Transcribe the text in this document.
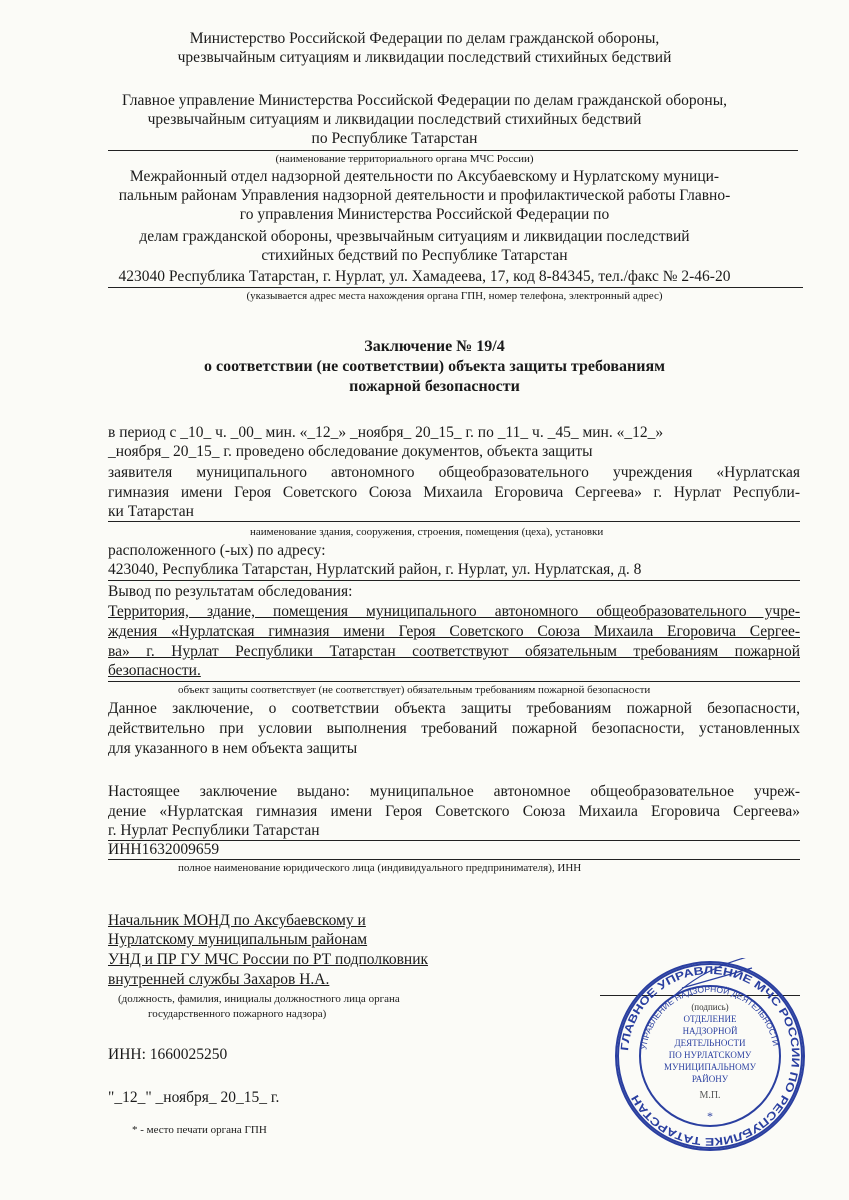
Министерство Российской Федерации по делам гражданской обороны,
чрезвычайным ситуациям и ликвидации последствий стихийных бедствий
Главное управление Министерства Российской Федерации по делам гражданской обороны,
чрезвычайным ситуациям и ликвидации последствий стихийных бедствий
по Республике Татарстан
(наименование территориального органа МЧС России)
Межрайонный отдел надзорной деятельности по Аксубаевскому и Нурлатскому муници-
пальным районам Управления надзорной деятельности и профилактической работы Главно-
го управления Министерства Российской Федерации по
делам гражданской обороны, чрезвычайным ситуациям и ликвидации последствий
стихийных бедствий по Республике Татарстан
423040 Республика Татарстан, г. Нурлат, ул. Хамадеева, 17, код 8-84345, тел./факс № 2-46-20
(указывается адрес места нахождения органа ГПН, номер телефона, электронный адрес)
Заключение № 19/4
о соответствии (не соответствии) объекта защиты требованиям
пожарной безопасности
в период с _10_ ч. _00_ мин. «_12_» _ноября_ 20_15_ г. по _11_ ч. _45_ мин. «_12_»
_ноября_ 20_15_ г. проведено обследование документов, объекта защиты
заявителя муниципального автономного общеобразовательного учреждения «Нурлатская
гимназия имени Героя Советского Союза Михаила Егоровича Сергеева» г. Нурлат Республи-
ки Татарстан
наименование здания, сооружения, строения, помещения (цеха), установки
расположенного (-ых) по адресу:
423040, Республика Татарстан, Нурлатский район, г. Нурлат, ул. Нурлатская, д. 8
Вывод по результатам обследования:
Территория, здание, помещения муниципального автономного общеобразовательного учре-
ждения «Нурлатская гимназия имени Героя Советского Союза Михаила Егоровича Сергее-
ва» г. Нурлат Республики Татарстан соответствуют обязательным требованиям пожарной
безопасности.
объект защиты соответствует (не соответствует) обязательным требованиям пожарной безопасности
Данное заключение, о соответствии объекта защиты требованиям пожарной безопасности,
действительно при условии выполнения требований пожарной безопасности, установленных
для указанного в нем объекта защиты
Настоящее заключение выдано: муниципальное автономное общеобразовательное учреж-
дение «Нурлатская гимназия имени Героя Советского Союза Михаила Егоровича Сергеева»
г. Нурлат Республики Татарстан
ИНН1632009659
полное наименование юридического лица (индивидуального предпринимателя), ИНН
Начальник МОНД по Аксубаевскому и
Нурлатскому муниципальным районам
УНД и ПР ГУ МЧС России по РТ подполковник
внутренней службы Захаров Н.А.
(должность, фамилия, инициалы должностного лица органа
государственного пожарного надзора)
ГЛАВНОЕ УПРАВЛЕНИЕ МЧС РОССИИ ПО РЕСПУБЛИКЕ ТАТАРСТАН
УПРАВЛЕНИЕ НАДЗОРНОЙ ДЕЯТЕЛЬНОСТИ
ОТДЕЛЕНИЕ
НАДЗОРНОЙ
ДЕЯТЕЛЬНОСТИ
ПО НУРЛАТСКОМУ
МУНИЦИПАЛЬНОМУ
РАЙОНУ
*
(подпись)
М.П.
ИНН: 1660025250
"_12_" _ноября_ 20_15_ г.
* - место печати органа ГПН
